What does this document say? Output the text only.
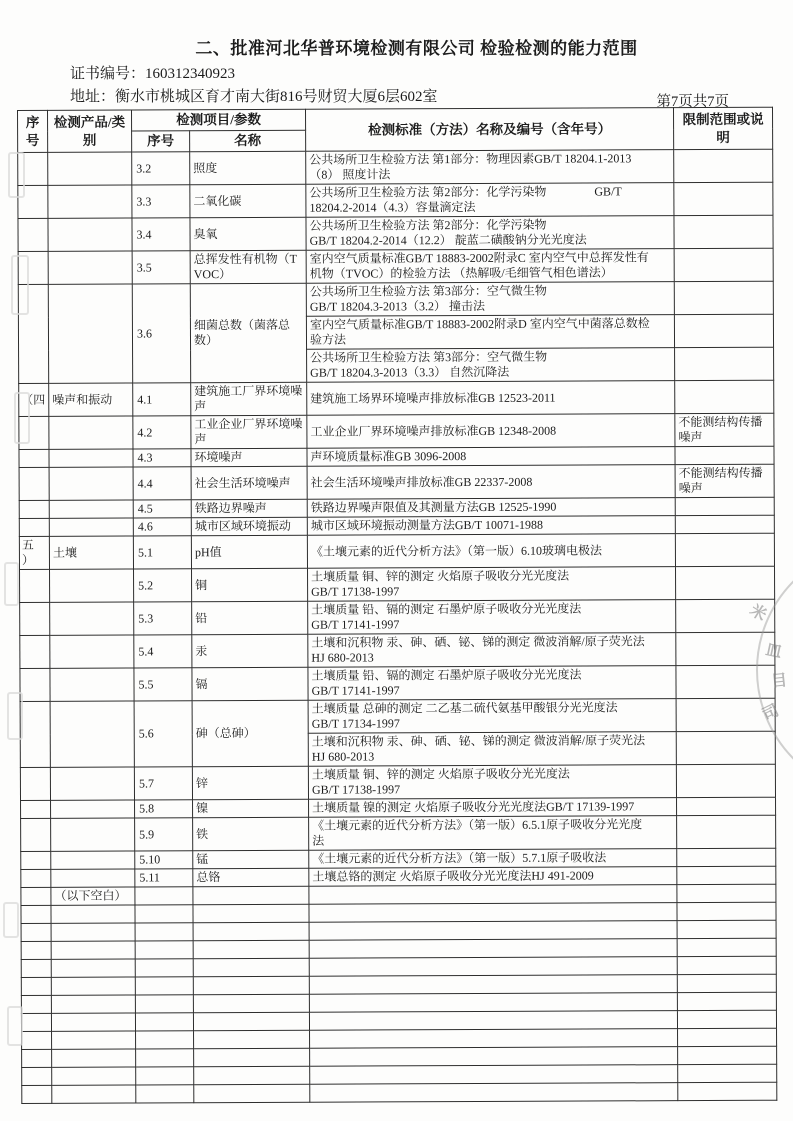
二、批准河北华普环境检测有限公司 检验检测的能力范围
证书编号：160312340923
地址：衡水市桃城区育才南大街816号财贸大厦6层602室	第7页共7页
序号	检测产品/类别	检测项目/参数		检测标准（方法）名称及编号（含年号）	限制范围或说明
		序号	名称		
		3.2	照度	公共场所卫生检验方法 第1部分：物理因素GB/T 18204.1-2013
（8） 照度计法	
		3.3	二氧化碳	公共场所卫生检验方法 第2部分：化学污染物                GB/T
18204.2-2014（4.3）容量滴定法	
		3.4	臭氧	公共场所卫生检验方法 第2部分：化学污染物
GB/T 18204.2-2014（12.2） 靛蓝二磺酸钠分光光度法	
		3.5	总挥发性有机物（TVOC）	室内空气质量标准GB/T 18883-2002附录C 室内空气中总挥发性有
机物（TVOC）的检验方法 （热解吸/毛细管气相色谱法）	
		3.6	细菌总数（菌落总数）	公共场所卫生检验方法 第3部分：空气微生物
GB/T 18204.3-2013（3.2） 撞击法	
				室内空气质量标准GB/T 18883-2002附录D 室内空气中菌落总数检
验方法	
				公共场所卫生检验方法 第3部分：空气微生物
GB/T 18204.3-2013（3.3） 自然沉降法	
（四	噪声和振动	4.1	建筑施工厂界环境噪声	建筑施工场界环境噪声排放标准GB 12523-2011	
		4.2	工业企业厂界环境噪声	工业企业厂界环境噪声排放标准GB 12348-2008	不能测结构传播噪声
		4.3	环境噪声	声环境质量标准GB 3096-2008	
		4.4	社会生活环境噪声	社会生活环境噪声排放标准GB 22337-2008	不能测结构传播噪声
		4.5	铁路边界噪声	铁路边界噪声限值及其测量方法GB 12525-1990	
		4.6	城市区域环境振动	城市区域环境振动测量方法GB/T 10071-1988	
五
）	土壤	5.1	pH值	《土壤元素的近代分析方法》（第一版）6.10玻璃电极法	
		5.2	铜	土壤质量 铜、锌的测定 火焰原子吸收分光光度法
GB/T 17138-1997	
		5.3	铅	土壤质量 铅、镉的测定 石墨炉原子吸收分光光度法
GB/T 17141-1997	
		5.4	汞	土壤和沉积物 汞、砷、硒、铋、锑的测定 微波消解/原子荧光法
HJ 680-2013	
		5.5	镉	土壤质量 铅、镉的测定 石墨炉原子吸收分光光度法
GB/T 17141-1997	
		5.6	砷（总砷）	土壤质量 总砷的测定 二乙基二硫代氨基甲酸银分光光度法
GB/T 17134-1997	
				土壤和沉积物 汞、砷、硒、铋、锑的测定 微波消解/原子荧光法
HJ 680-2013	
		5.7	锌	土壤质量 铜、锌的测定 火焰原子吸收分光光度法
GB/T 17138-1997	
		5.8	镍	土壤质量 镍的测定 火焰原子吸收分光光度法GB/T 17139-1997	
		5.9	铁	《土壤元素的近代分析方法》（第一版）6.5.1原子吸收分光光度
法	
		5.10	锰	《土壤元素的近代分析方法》（第一版）5.7.1原子吸收法	
		5.11	总铬	土壤总铬的测定 火焰原子吸收分光光度法HJ 491-2009	
	（以下空白）				

米
皿
目
司
